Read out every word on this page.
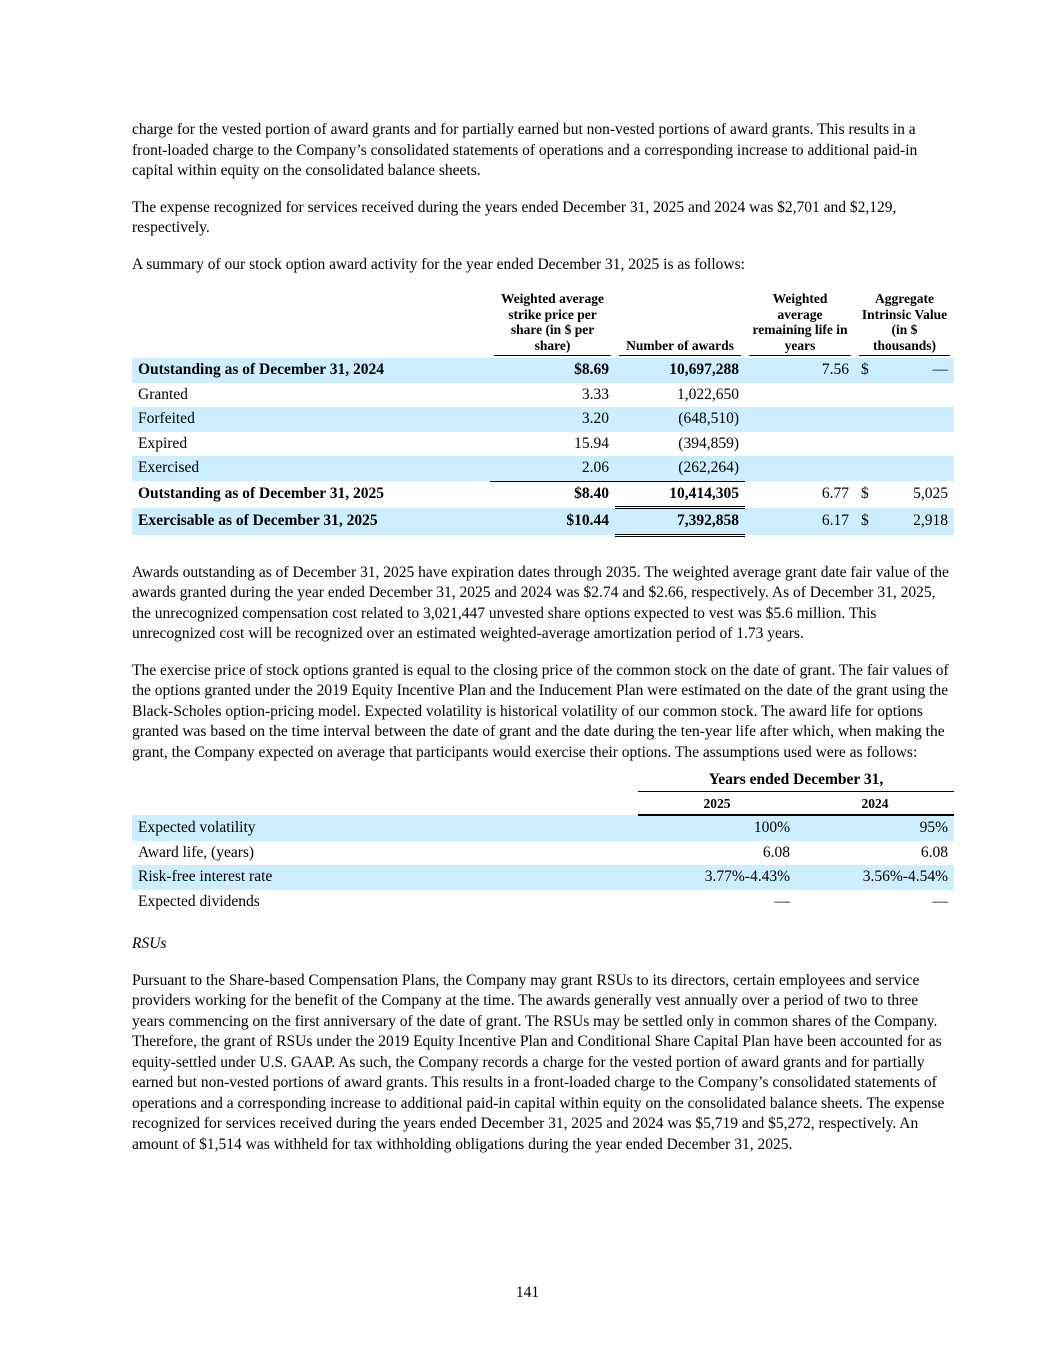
charge for the vested portion of award grants and for partially earned but non-vested portions of award grants. This results in a front-loaded charge to the Company’s consolidated statements of operations and a corresponding increase to additional paid-in capital within equity on the consolidated balance sheets.

The expense recognized for services received during the years ended December 31, 2025 and 2024 was $2,701 and $2,129, respectively.

A summary of our stock option award activity for the year ended December 31, 2025 is as follows:

	Weighted average strike price per share (in $ per share)	Number of awards	Weighted average remaining life in years	Aggregate Intrinsic Value (in $ thousands)	

Outstanding as of December 31, 2024	$8.69	10,697,288	7.56	$	—
Granted	3.33	1,022,650			
Forfeited	3.20	(648,510)			
Expired	15.94	(394,859)			
Exercised	2.06	(262,264)			
Outstanding as of December 31, 2025	$8.40	10,414,305	6.77	$	5,025
Exercisable as of December 31, 2025	$10.44	7,392,858	6.17	$	2,918

Awards outstanding as of December 31, 2025 have expiration dates through 2035. The weighted average grant date fair value of the awards granted during the year ended December 31, 2025 and 2024 was $2.74 and $2.66, respectively. As of December 31, 2025, the unrecognized compensation cost related to 3,021,447 unvested share options expected to vest was $5.6 million. This unrecognized cost will be recognized over an estimated weighted-average amortization period of 1.73 years.

The exercise price of stock options granted is equal to the closing price of the common stock on the date of grant. The fair values of the options granted under the 2019 Equity Incentive Plan and the Inducement Plan were estimated on the date of the grant using the Black-Scholes option-pricing model. Expected volatility is historical volatility of our common stock. The award life for options granted was based on the time interval between the date of grant and the date during the ten-year life after which, when making the grant, the Company expected on average that participants would exercise their options. The assumptions used were as follows:

	Years ended December 31,	
	2025	2024
Expected volatility	100%	95%
Award life, (years)	6.08	6.08
Risk-free interest rate	3.77%-4.43%	3.56%-4.54%
Expected dividends	—	—

RSUs

Pursuant to the Share-based Compensation Plans, the Company may grant RSUs to its directors, certain employees and service providers working for the benefit of the Company at the time. The awards generally vest annually over a period of two to three years commencing on the first anniversary of the date of grant. The RSUs may be settled only in common shares of the Company. Therefore, the grant of RSUs under the 2019 Equity Incentive Plan and Conditional Share Capital Plan have been accounted for as equity-settled under U.S. GAAP. As such, the Company records a charge for the vested portion of award grants and for partially earned but non-vested portions of award grants. This results in a front-loaded charge to the Company’s consolidated statements of operations and a corresponding increase to additional paid-in capital within equity on the consolidated balance sheets. The expense recognized for services received during the years ended December 31, 2025 and 2024 was $5,719 and $5,272, respectively. An amount of $1,514 was withheld for tax withholding obligations during the year ended December 31, 2025.

141
